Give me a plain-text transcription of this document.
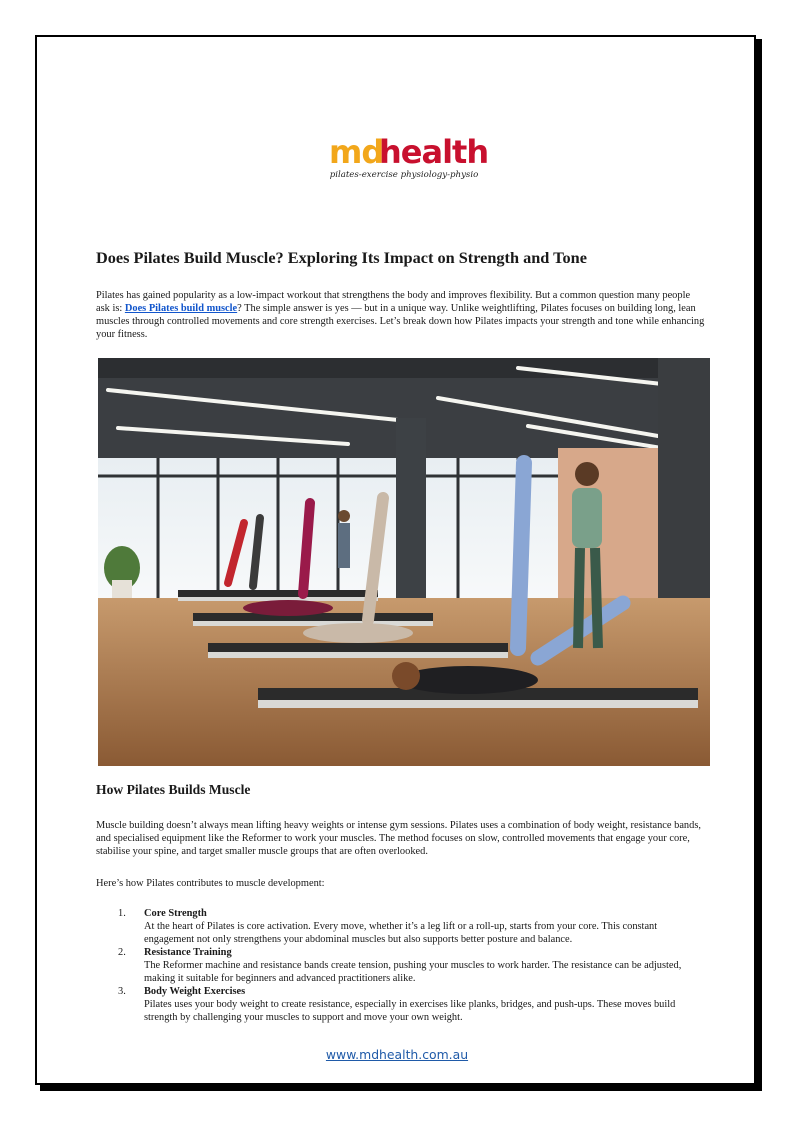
md
health
pilates-exercise physiology-physio
Does Pilates Build Muscle? Exploring Its Impact on Strength and Tone

Pilates has gained popularity as a low-impact workout that strengthens the body and improves flexibility. But a common question many people ask is: Does Pilates build muscle? The simple answer is yes — but in a unique way. Unlike weightlifting, Pilates focuses on building long, lean muscles through controlled movements and core strength exercises. Let’s break down how Pilates impacts your strength and tone while enhancing your fitness.

How Pilates Builds Muscle

Muscle building doesn’t always mean lifting heavy weights or intense gym sessions. Pilates uses a combination of body weight, resistance bands, and specialised equipment like the Reformer to work your muscles. The method focuses on slow, controlled movements that engage your core, stabilise your spine, and target smaller muscle groups that are often overlooked.

Here’s how Pilates contributes to muscle development:

1. Core Strength
At the heart of Pilates is core activation. Every move, whether it’s a leg lift or a roll-up, starts from your core. This constant engagement not only strengthens your abdominal muscles but also supports better posture and balance.
2. Resistance Training
The Reformer machine and resistance bands create tension, pushing your muscles to work harder. The resistance can be adjusted, making it suitable for beginners and advanced practitioners alike.
3. Body Weight Exercises
Pilates uses your body weight to create resistance, especially in exercises like planks, bridges, and push-ups. These moves build strength by challenging your muscles to support and move your own weight.
www.mdhealth.com.au
